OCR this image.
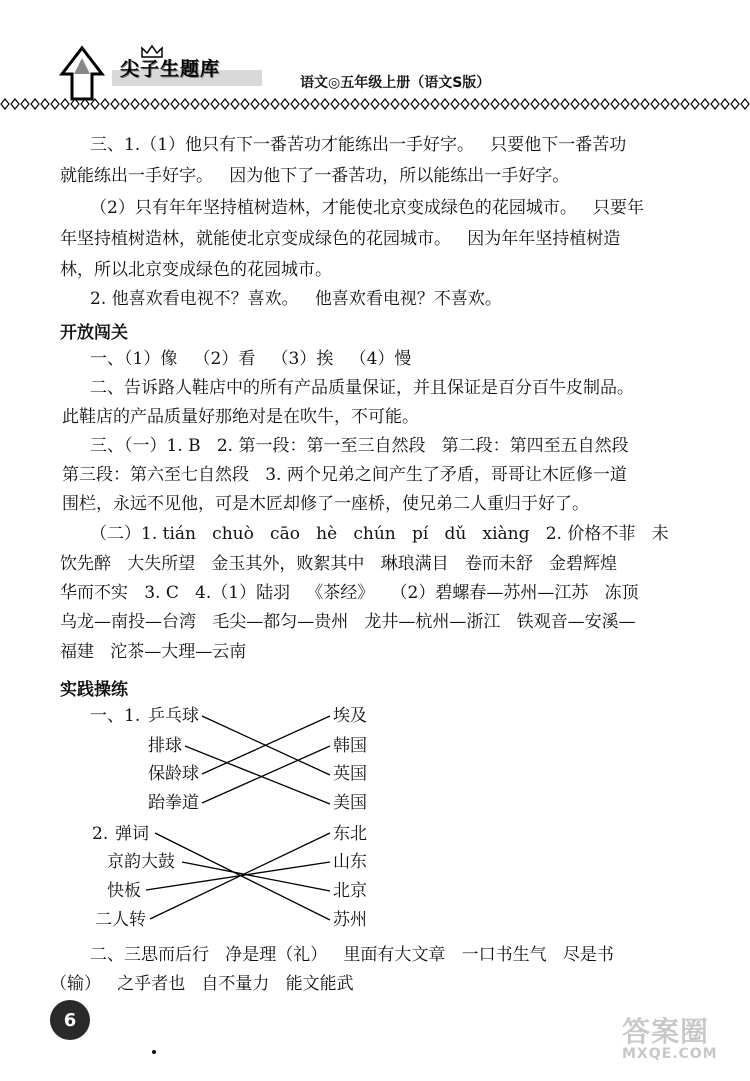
尖子生题库
语文◎五年级上册（语文S版）
三、1.（1）他只有下一番苦功才能练出一手好字。   只要他下一番苦功
就能练出一手好字。   因为他下了一番苦功，所以能练出一手好字。
（2）只有年年坚持植树造林，才能使北京变成绿色的花园城市。   只要年
年坚持植树造林，就能使北京变成绿色的花园城市。   因为年年坚持植树造
林，所以北京变成绿色的花园城市。
2. 他喜欢看电视不？喜欢。   他喜欢看电视？不喜欢。
开放闯关
一、（1）像   （2）看   （3）挨   （4）慢
二、告诉路人鞋店中的所有产品质量保证，并且保证是百分百牛皮制品。
此鞋店的产品质量好那绝对是在吹牛，不可能。
三、（一）1. B   2. 第一段：第一至三自然段   第二段：第四至五自然段
第三段：第六至七自然段   3. 两个兄弟之间产生了矛盾，哥哥让木匠修一道
围栏，永远不见他，可是木匠却修了一座桥，使兄弟二人重归于好了。
（二）1. tián   chuò   cāo   hè   chún   pí   dǔ   xiàng   2. 价格不菲   未
饮先醉   大失所望   金玉其外，败絮其中   琳琅满目   卷而未舒   金碧辉煌
华而不实   3. C   4.（1）陆羽   《茶经》   （2）碧螺春—苏州—江苏   冻顶
乌龙—南投—台湾   毛尖—都匀—贵州   龙井—杭州—浙江   铁观音—安溪—
福建   沱茶—大理—云南
实践操练
一、1. 乒乓球
排球
保龄球
跆拳道
埃及
韩国
英国
美国
2. 弹词
京韵大鼓
快板
二人转
东北
山东
北京
苏州
二、三思而后行   净是理（礼）   里面有大文章   一口书生气   尽是书
（输）   之乎者也   自不量力   能文能武
6	答案圈
MXQE.COM
